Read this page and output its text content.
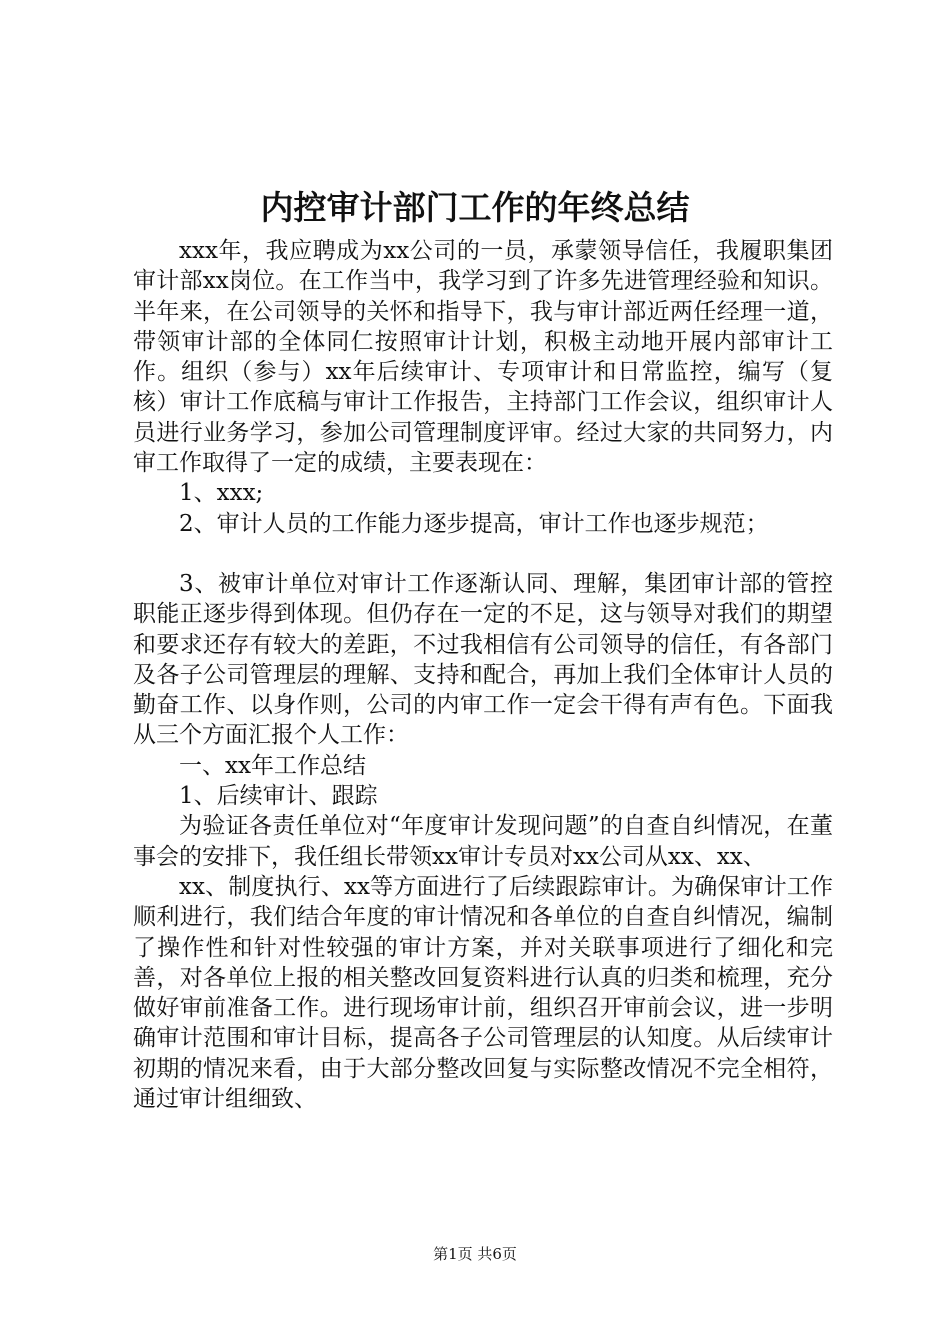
内控审计部门工作的年终总结

xxx年，我应聘成为xx公司的一员，承蒙领导信任，我履职集团审计部xx岗位。在工作当中，我学习到了许多先进管理经验和知识。半年来，在公司领导的关怀和指导下，我与审计部近两任经理一道，带领审计部的全体同仁按照审计计划，积极主动地开展内部审计工作。组织（参与）xx年后续审计、专项审计和日常监控，编写（复核）审计工作底稿与审计工作报告，主持部门工作会议，组织审计人员进行业务学习，参加公司管理制度评审。经过大家的共同努力，内审工作取得了一定的成绩，主要表现在：

1、xxx;

2、审计人员的工作能力逐步提高，审计工作也逐步规范；

3、被审计单位对审计工作逐渐认同、理解，集团审计部的管控职能正逐步得到体现。但仍存在一定的不足，这与领导对我们的期望和要求还存有较大的差距，不过我相信有公司领导的信任，有各部门及各子公司管理层的理解、支持和配合，再加上我们全体审计人员的勤奋工作、以身作则，公司的内审工作一定会干得有声有色。下面我从三个方面汇报个人工作：

一、xx年工作总结

1、后续审计、跟踪

为验证各责任单位对“年度审计发现问题”的自查自纠情况，在董事会的安排下，我任组长带领xx审计专员对xx公司从xx、xx、

xx、制度执行、xx等方面进行了后续跟踪审计。为确保审计工作顺利进行，我们结合年度的审计情况和各单位的自查自纠情况，编制了操作性和针对性较强的审计方案，并对关联事项进行了细化和完善，对各单位上报的相关整改回复资料进行认真的归类和梳理，充分做好审前准备工作。进行现场审计前，组织召开审前会议，进一步明确审计范围和审计目标，提高各子公司管理层的认知度。从后续审计初期的情况来看，由于大部分整改回复与实际整改情况不完全相符，通过审计组细致、

第1页 共6页
